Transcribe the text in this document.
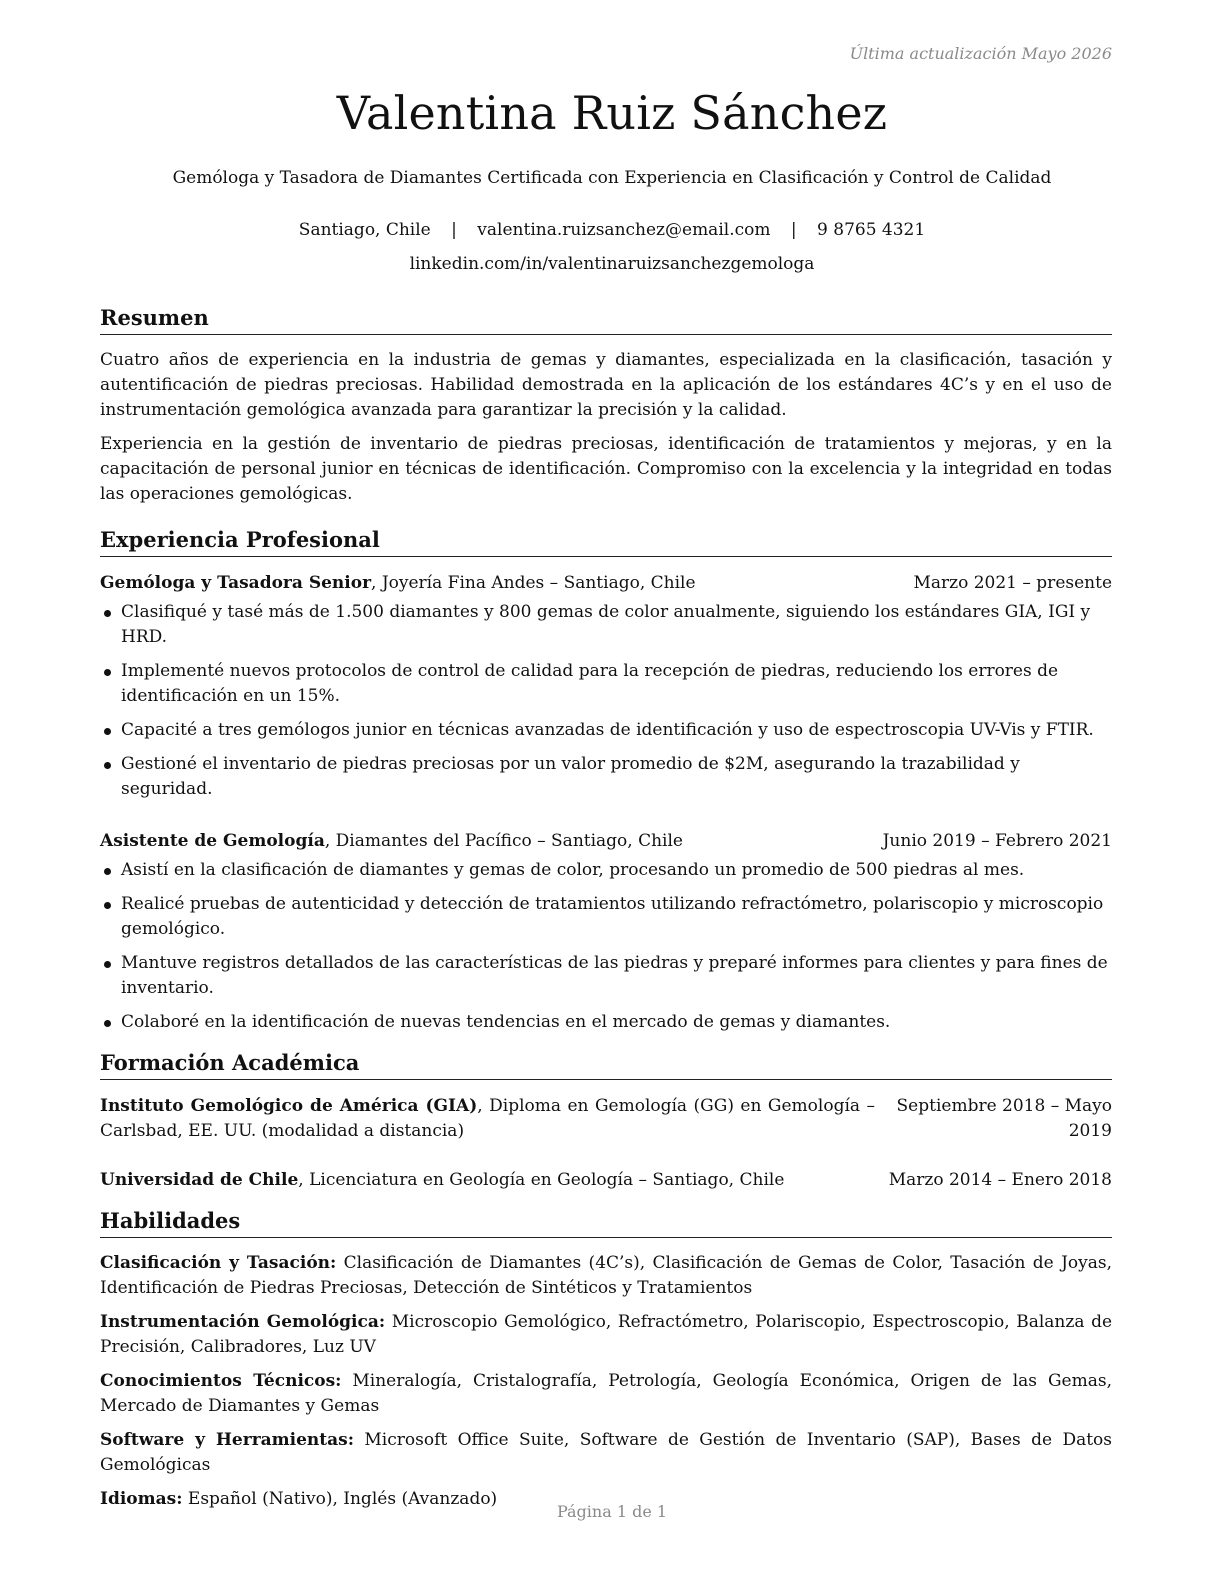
Última actualización Mayo 2026
Valentina Ruiz Sánchez
Gemóloga y Tasadora de Diamantes Certificada con Experiencia en Clasificación y Control de Calidad
Santiago, Chile | valentina.ruizsanchez@email.com | 9 8765 4321
linkedin.com/in/valentinaruizsanchezgemologa
Resumen

Cuatro años de experiencia en la industria de gemas y diamantes, especializada en la clasificación, tasación y autentificación de piedras preciosas. Habilidad demostrada en la aplicación de los estándares 4C’s y en el uso de instrumentación gemológica avanzada para garantizar la precisión y la calidad.

Experiencia en la gestión de inventario de piedras preciosas, identificación de tratamientos y mejoras, y en la capacitación de personal junior en técnicas de identificación. Compromiso con la excelencia y la integridad en todas las operaciones gemológicas.

Experiencia Profesional
Gemóloga y Tasadora Senior, Joyería Fina Andes – Santiago, Chile	Marzo 2021 – presente
Clasifiqué y tasé más de 1.500 diamantes y 800 gemas de color anualmente, siguiendo los estándares GIA, IGI y HRD.
Implementé nuevos protocolos de control de calidad para la recepción de piedras, reduciendo los errores de identificación en un 15%.
Capacité a tres gemólogos junior en técnicas avanzadas de identificación y uso de espectroscopia UV-Vis y FTIR.
Gestioné el inventario de piedras preciosas por un valor promedio de $2M, asegurando la trazabilidad y seguridad.
Asistente de Gemología, Diamantes del Pacífico – Santiago, Chile	Junio 2019 – Febrero 2021
Asistí en la clasificación de diamantes y gemas de color, procesando un promedio de 500 piedras al mes.
Realicé pruebas de autenticidad y detección de tratamientos utilizando refractómetro, polariscopio y microscopio gemológico.
Mantuve registros detallados de las características de las piedras y preparé informes para clientes y para fines de inventario.
Colaboré en la identificación de nuevas tendencias en el mercado de gemas y diamantes.
Formación Académica
Instituto Gemológico de América (GIA), Diploma en Gemología (GG) en Gemología – Carlsbad, EE. UU. (modalidad a distancia)
Septiembre 2018 – Mayo 2019
Universidad de Chile, Licenciatura en Geología en Geología – Santiago, Chile	Marzo 2014 – Enero 2018
Habilidades

Clasificación y Tasación: Clasificación de Diamantes (4C’s), Clasificación de Gemas de Color, Tasación de Joyas, Identificación de Piedras Preciosas, Detección de Sintéticos y Tratamientos

Instrumentación Gemológica: Microscopio Gemológico, Refractómetro, Polariscopio, Espectroscopio, Balanza de Precisión, Calibradores, Luz UV

Conocimientos Técnicos: Mineralogía, Cristalografía, Petrología, Geología Económica, Origen de las Gemas, Mercado de Diamantes y Gemas

Software y Herramientas: Microsoft Office Suite, Software de Gestión de Inventario (SAP), Bases de Datos Gemológicas

Idiomas: Español (Nativo), Inglés (Avanzado)

Página 1 de 1
